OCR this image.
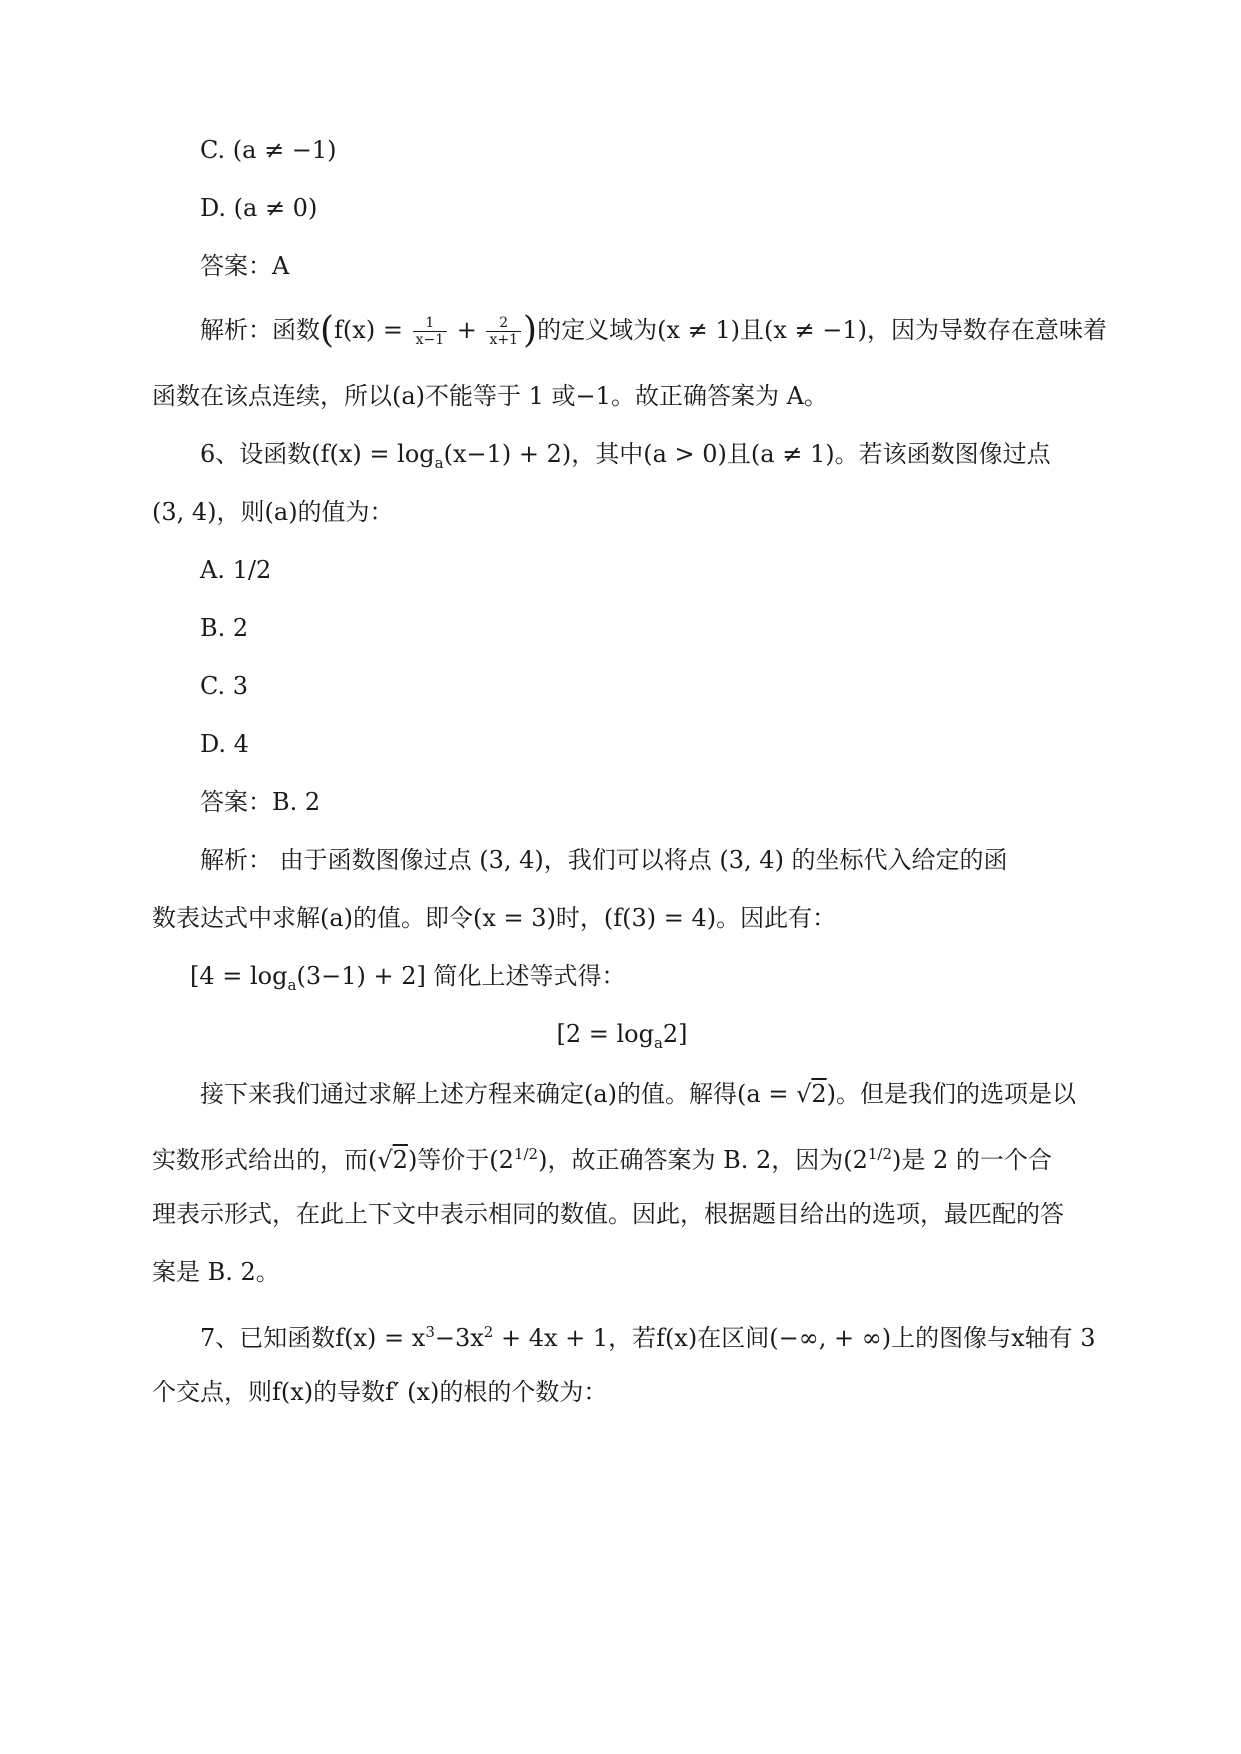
C. (a ≠ −1)
D. (a ≠ 0)
答案：A
解析：函数($f(x) = \frac{1}{x-1} + \frac{2}{x+1}$ )的定义域为(x ≠ 1)且(x ≠ −1)，因为导数存在意味着
函数在该点连续，所以(a)不能等于 1 或−1。故正确答案为 A。
6、设函数$(f(x) = \log_a(x-1) + 2)$，其中(a > 0)且(a ≠ 1)。若该函数图像过点
(3, 4)，则(a)的值为：
A. 1/2
B. 2
C. 3
D. 4
答案：B. 2
解析： 由于函数图像过点 (3, 4)，我们可以将点 (3, 4) 的坐标代入给定的函
数表达式中求解(a)的值。即令(x = 3)时，(f(3) = 4)。因此有：
$[4 = \log_a(3-1) + 2]$ 简化上述等式得：
$[2 = \log_a2]$
接下来我们通过求解上述方程来确定(a)的值。解得(a = √2)。但是我们的选项是以
实数形式给出的，而(√2)等价于$(2^{1/2})$，故正确答案为 B. 2，因为$(2^{1/2})$是 2 的一个合
理表示形式，在此上下文中表示相同的数值。因此，根据题目给出的选项，最匹配的答
案是 B. 2。
7、已知函数$f(x) = x^3-3x^2 + 4x + 1$，若f(x)在区间(−∞, + ∞)上的图像与x轴有 3
个交点，则f(x)的导数f′ (x)的根的个数为：
